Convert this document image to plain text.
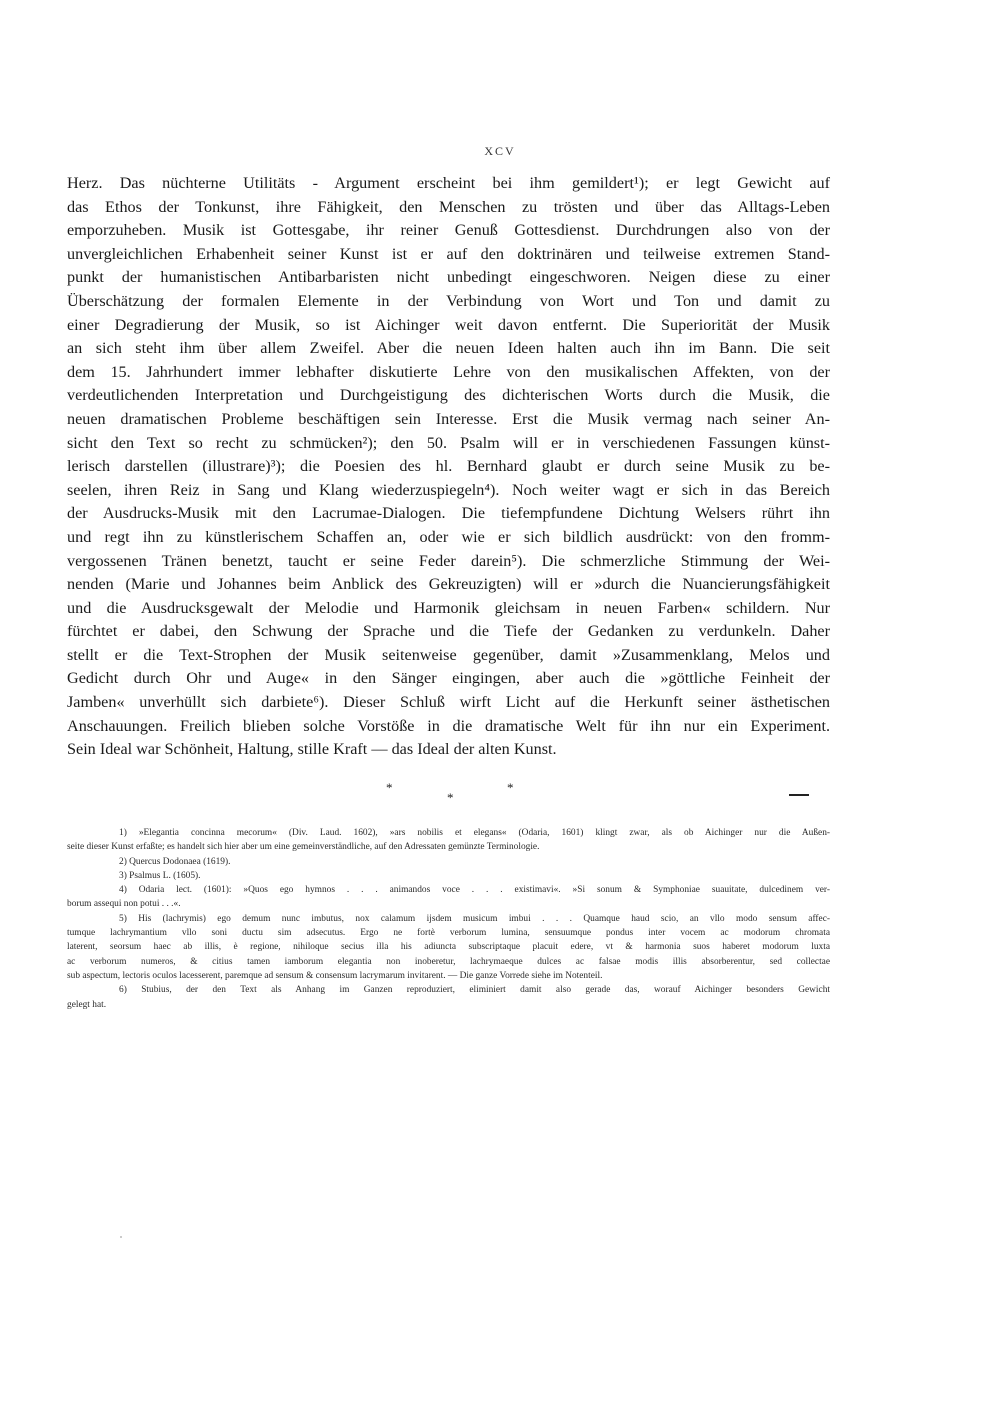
XCV
Herz. Das nüchterne Utilitäts - Argument erscheint bei ihm gemildert¹); er legt Gewicht auf
das Ethos der Tonkunst, ihre Fähigkeit, den Menschen zu trösten und über das Alltags-Leben
emporzuheben. Musik ist Gottesgabe, ihr reiner Genuß Gottesdienst. Durchdrungen also von der
unvergleichlichen Erhabenheit seiner Kunst ist er auf den doktrinären und teilweise extremen Stand-
punkt der humanistischen Antibarbaristen nicht unbedingt eingeschworen. Neigen diese zu einer
Überschätzung der formalen Elemente in der Verbindung von Wort und Ton und damit zu
einer Degradierung der Musik, so ist Aichinger weit davon entfernt. Die Superiorität der Musik
an sich steht ihm über allem Zweifel. Aber die neuen Ideen halten auch ihn im Bann. Die seit
dem 15. Jahrhundert immer lebhafter diskutierte Lehre von den musikalischen Affekten, von der
verdeutlichenden Interpretation und Durchgeistigung des dichterischen Worts durch die Musik, die
neuen dramatischen Probleme beschäftigen sein Interesse. Erst die Musik vermag nach seiner An-
sicht den Text so recht zu schmücken²); den 50. Psalm will er in verschiedenen Fassungen künst-
lerisch darstellen (illustrare)³); die Poesien des hl. Bernhard glaubt er durch seine Musik zu be-
seelen, ihren Reiz in Sang und Klang wiederzuspiegeln⁴). Noch weiter wagt er sich in das Bereich
der Ausdrucks-Musik mit den Lacrumae-Dialogen. Die tiefempfundene Dichtung Welsers rührt ihn
und regt ihn zu künstlerischem Schaffen an, oder wie er sich bildlich ausdrückt: von den fromm-
vergossenen Tränen benetzt, taucht er seine Feder darein⁵). Die schmerzliche Stimmung der Wei-
nenden (Marie und Johannes beim Anblick des Gekreuzigten) will er »durch die Nuancierungsfähigkeit
und die Ausdrucksgewalt der Melodie und Harmonik gleichsam in neuen Farben« schildern. Nur
fürchtet er dabei, den Schwung der Sprache und die Tiefe der Gedanken zu verdunkeln. Daher
stellt er die Text-Strophen der Musik seitenweise gegenüber, damit »Zusammenklang, Melos und
Gedicht durch Ohr und Auge« in den Sänger eingingen, aber auch die »göttliche Feinheit der
Jamben« unverhüllt sich darbiete⁶). Dieser Schluß wirft Licht auf die Herkunft seiner ästhetischen
Anschauungen. Freilich blieben solche Vorstöße in die dramatische Welt für ihn nur ein Experiment.
Sein Ideal war Schönheit, Haltung, stille Kraft — das Ideal der alten Kunst.
*
*
*
1) »Elegantia concinna mecorum« (Div. Laud. 1602), »ars nobilis et elegans« (Odaria, 1601) klingt zwar, als ob Aichinger nur die Außen-
seite dieser Kunst erfaßte; es handelt sich hier aber um eine gemeinverständliche, auf den Adressaten gemünzte Terminologie.
2) Quercus Dodonaea (1619).
3) Psalmus L. (1605).
4) Odaria lect. (1601): »Quos ego hymnos . . . animandos voce . . . existimavi«. »Si sonum & Symphoniae suauitate, dulcedinem ver-
borum assequi non potui . . .«.
5) His (lachrymis) ego demum nunc imbutus, nox calamum ijsdem musicum imbui . . . Quamque haud scio, an vllo modo sensum affec-
tumque lachrymantium vllo soni ductu sim adsecutus. Ergo ne fortè verborum lumina, sensuumque pondus inter vocem ac modorum chromata
laterent, seorsum haec ab illis, è regione, nihiloque secius illa his adiuncta subscriptaque placuit edere, vt & harmonia suos haberet modorum luxta
ac verborum numeros, & citius tamen iamborum elegantia non inoberetur, lachrymaeque dulces ac falsae modis illis absorberentur, sed collectae
sub aspectum, lectoris oculos lacesserent, paremque ad sensum & consensum lacrymarum invitarent. — Die ganze Vorrede siehe im Notenteil.
6) Stubius, der den Text als Anhang im Ganzen reproduziert, eliminiert damit also gerade das, worauf Aichinger besonders Gewicht
gelegt hat.
